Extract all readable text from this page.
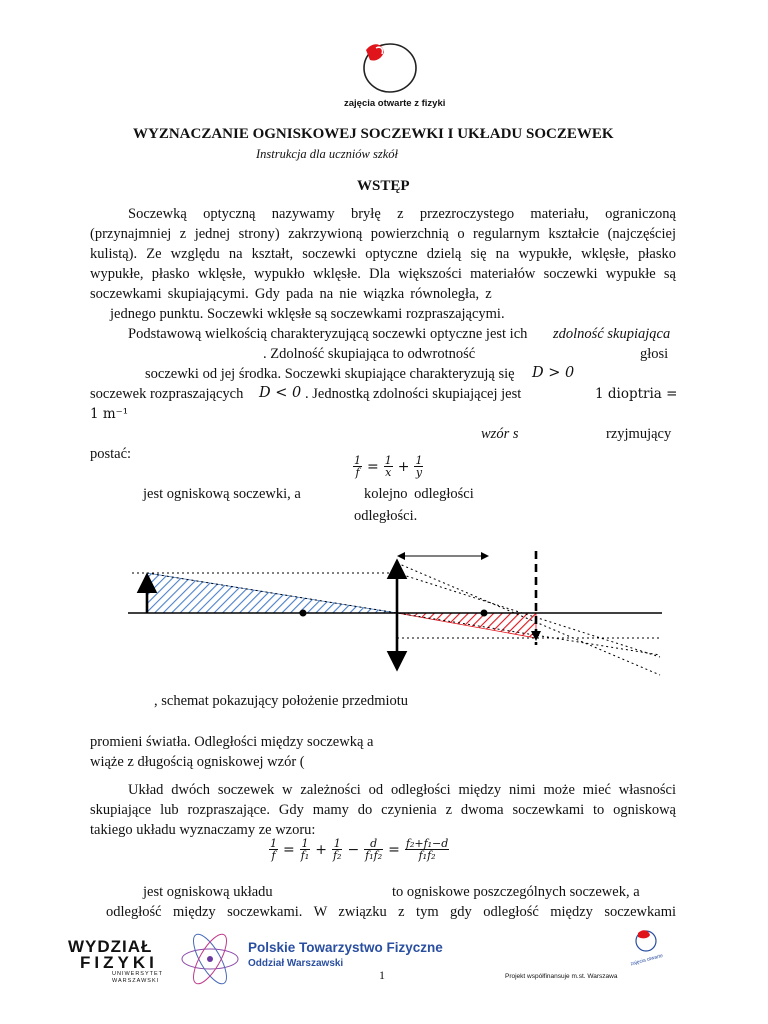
zajęcia otwarte z fizyki
WYZNACZANIE OGNISKOWEJ SOCZEWKI I UKŁADU SOCZEWEK
Instrukcja dla uczniów szkół
WSTĘP
Soczewką optyczną nazywamy bryłę z przezroczystego materiału, ograniczoną
(przynajmniej z jednej strony) zakrzywioną powierzchnią o regularnym kształcie (najczęściej
kulistą). Ze względu na kształt, soczewki optyczne dzielą się na wypukłe, wklęsłe, płasko
wypukłe, płasko wklęsłe, wypukło wklęsłe. Dla większości materiałów soczewki wypukłe są
soczewkami skupiającymi. Gdy pada na nie wiązka równoległa, z
jednego punktu. Soczewki wklęsłe są soczewkami rozpraszającymi.
Podstawową wielkością charakteryzującą soczewki optyczne jest ich zdolność skupiająca
. Zdolność skupiająca to odwrotność	głosi
soczewki od jej środka. Soczewki skupiające charakteryzują się D > 0
soczewek rozpraszających D < 0 . Jednostką zdolności skupiającej jest	1 dioptria =
1 m⁻¹
wzór s	rzyjmujący
postać:
$\frac{1}{f} = \frac{1}{x} + \frac{1}{y}$
jest ogniskową soczewki, a	kolejno odległości
odległości.
, schemat pokazujący położenie przedmiotu
promieni światła. Odległości między soczewką a
wiąże z długością ogniskowej wzór (
Układ dwóch soczewek w zależności od odległości między nimi może mieć własności
skupiające lub rozpraszające. Gdy mamy do czynienia z dwoma soczewkami to ogniskową
takiego układu wyznaczamy ze wzoru:
$\frac{1}{f} = \frac{1}{\text{f₁}} + \frac{1}{\text{f₂}} - \frac{d}{\text{f₁f₂}} = \frac{\text{f₂+f₁−d}}{\text{f₁f₂}}$
jest ogniskową układu	to ogniskowe poszczególnych soczewek, a
odległość między soczewkami. W związku z tym gdy odległość między soczewkami
WYDZIAŁ
FIZYKI
UNIWERSYTET
WARSZAWSKI
Polskie Towarzystwo Fizyczne
Oddział Warszawski
1	Projekt współfinansuje m.st. Warszawa
zajęcia otwarte
